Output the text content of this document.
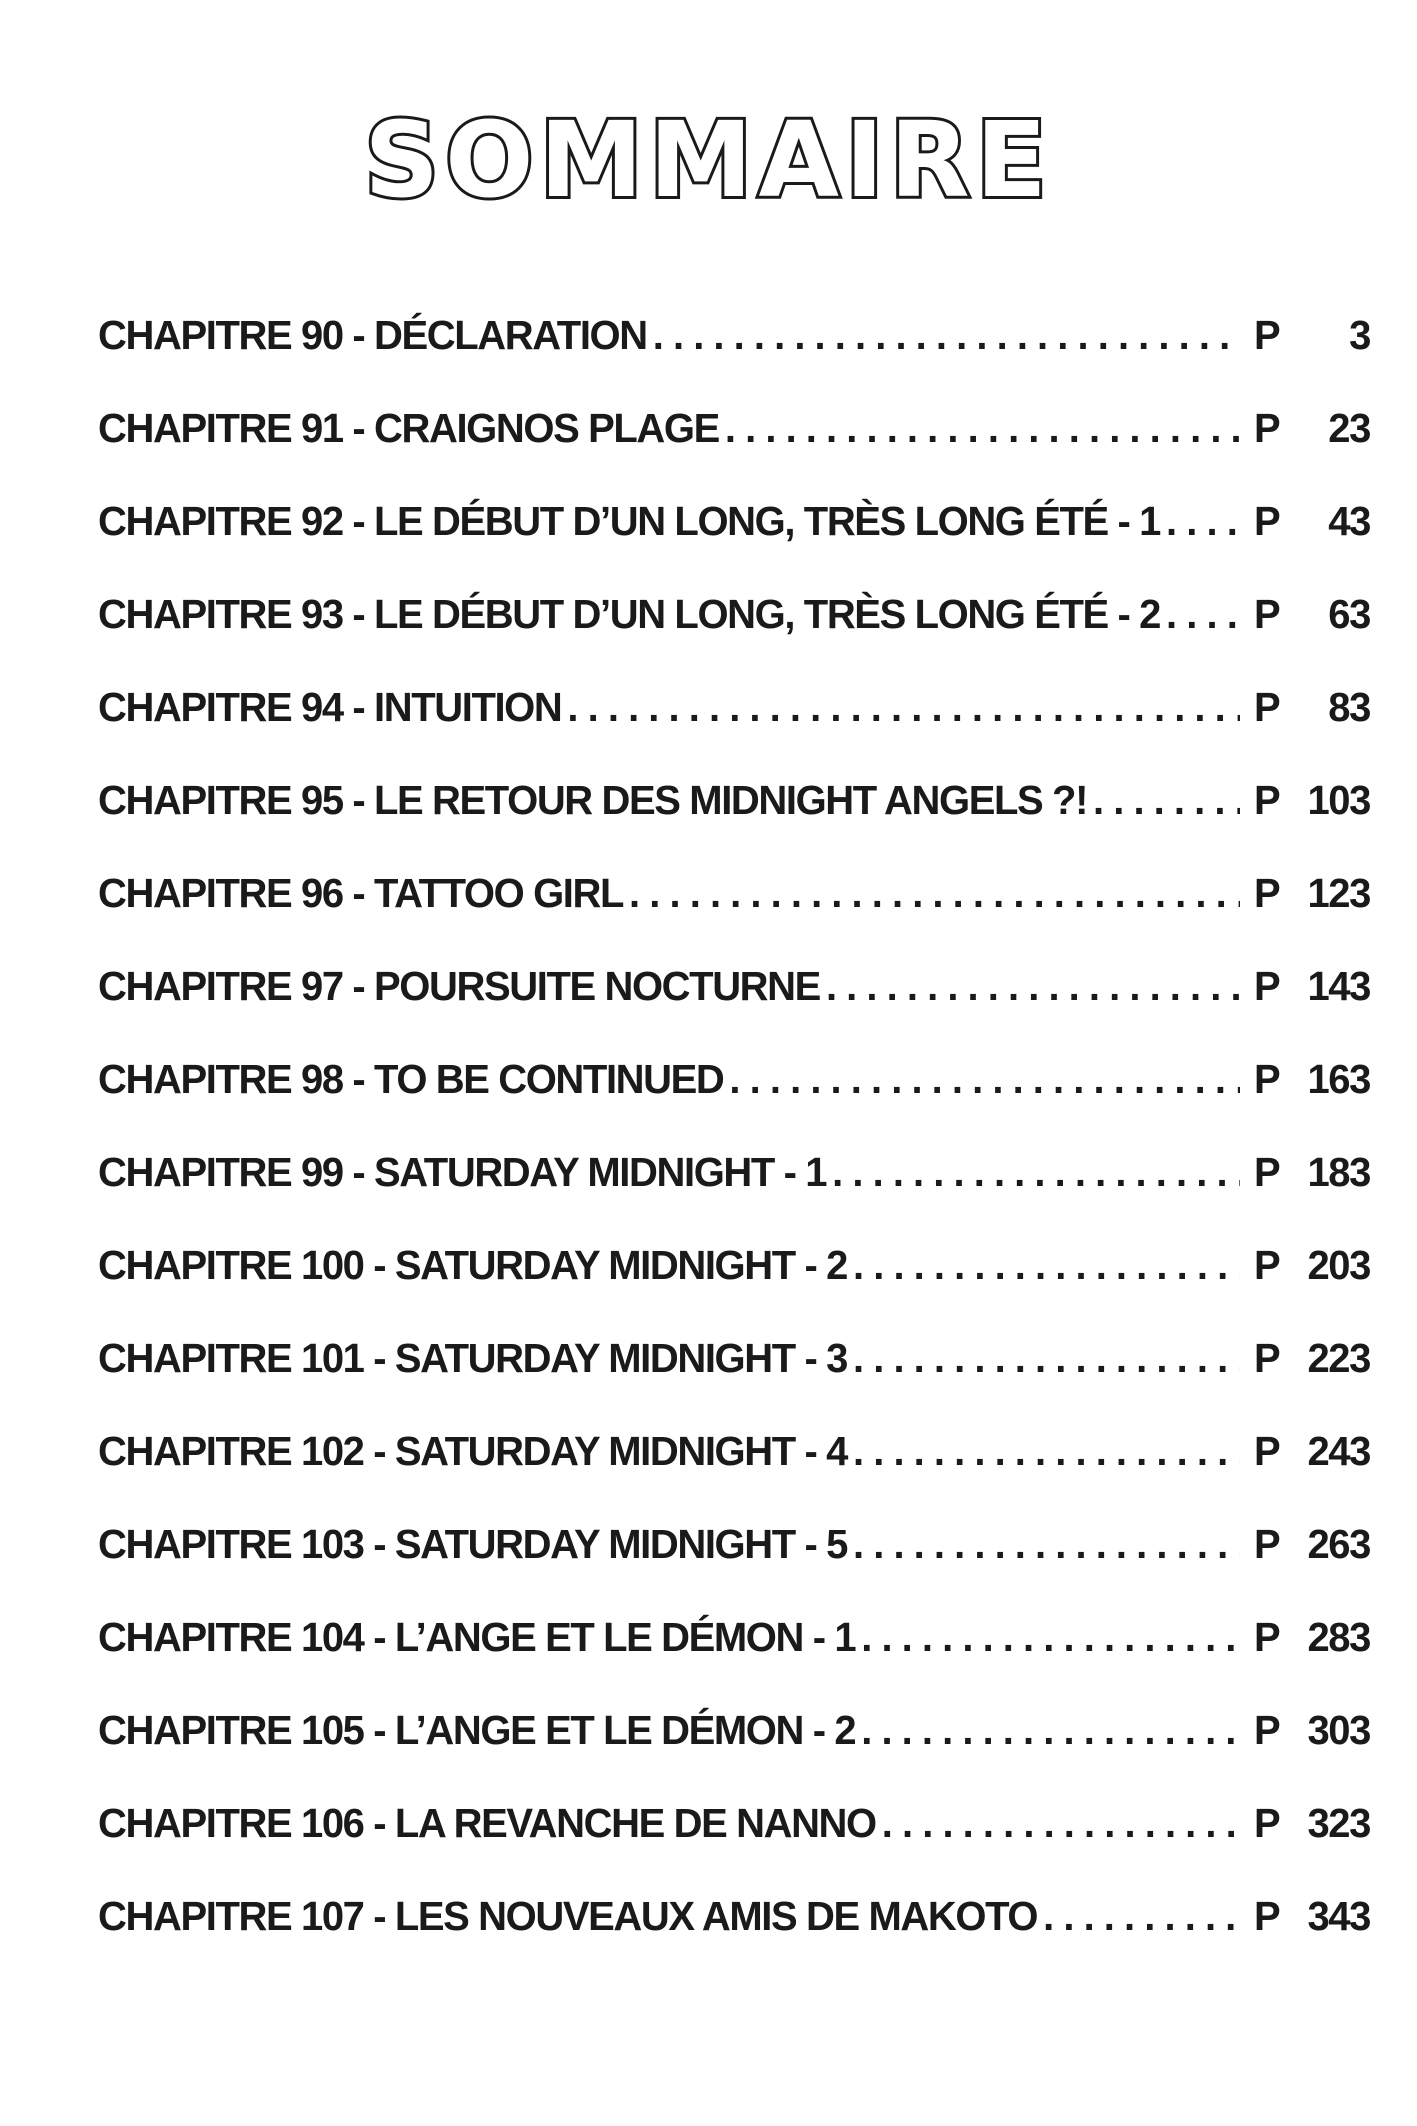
SOMMAIRE
CHAPITRE 90 - DÉCLARATION . . .	P	3
CHAPITRE 91 - CRAIGNOS PLAGE . . .	P	23
CHAPITRE 92 - LE DÉBUT D’UN LONG, TRÈS LONG ÉTÉ - 1 . . . P	43
CHAPITRE 93 - LE DÉBUT D’UN LONG, TRÈS LONG ÉTÉ - 2 . . . P	63
CHAPITRE 94 - INTUITION . . .	P	83
CHAPITRE 95 - LE RETOUR DES MIDNIGHT ANGELS ?! . . .	P 103
CHAPITRE 96 - TATTOO GIRL . . .	P 123
CHAPITRE 97 - POURSUITE NOCTURNE . . .	P 143
CHAPITRE 98 - TO BE CONTINUED . . .	P 163
CHAPITRE 99 - SATURDAY MIDNIGHT - 1 . . .	P 183
CHAPITRE 100 - SATURDAY MIDNIGHT - 2 . . .	P 203
CHAPITRE 101 - SATURDAY MIDNIGHT - 3 . . .	P 223
CHAPITRE 102 - SATURDAY MIDNIGHT - 4 . . .	P 243
CHAPITRE 103 - SATURDAY MIDNIGHT - 5 . . .	P 263
CHAPITRE 104 - L’ANGE ET LE DÉMON - 1 . . .	P 283
CHAPITRE 105 - L’ANGE ET LE DÉMON - 2 . . .	P 303
CHAPITRE 106 - LA REVANCHE DE NANNO . . .	P 323
CHAPITRE 107 - LES NOUVEAUX AMIS DE MAKOTO . . .	P 343
